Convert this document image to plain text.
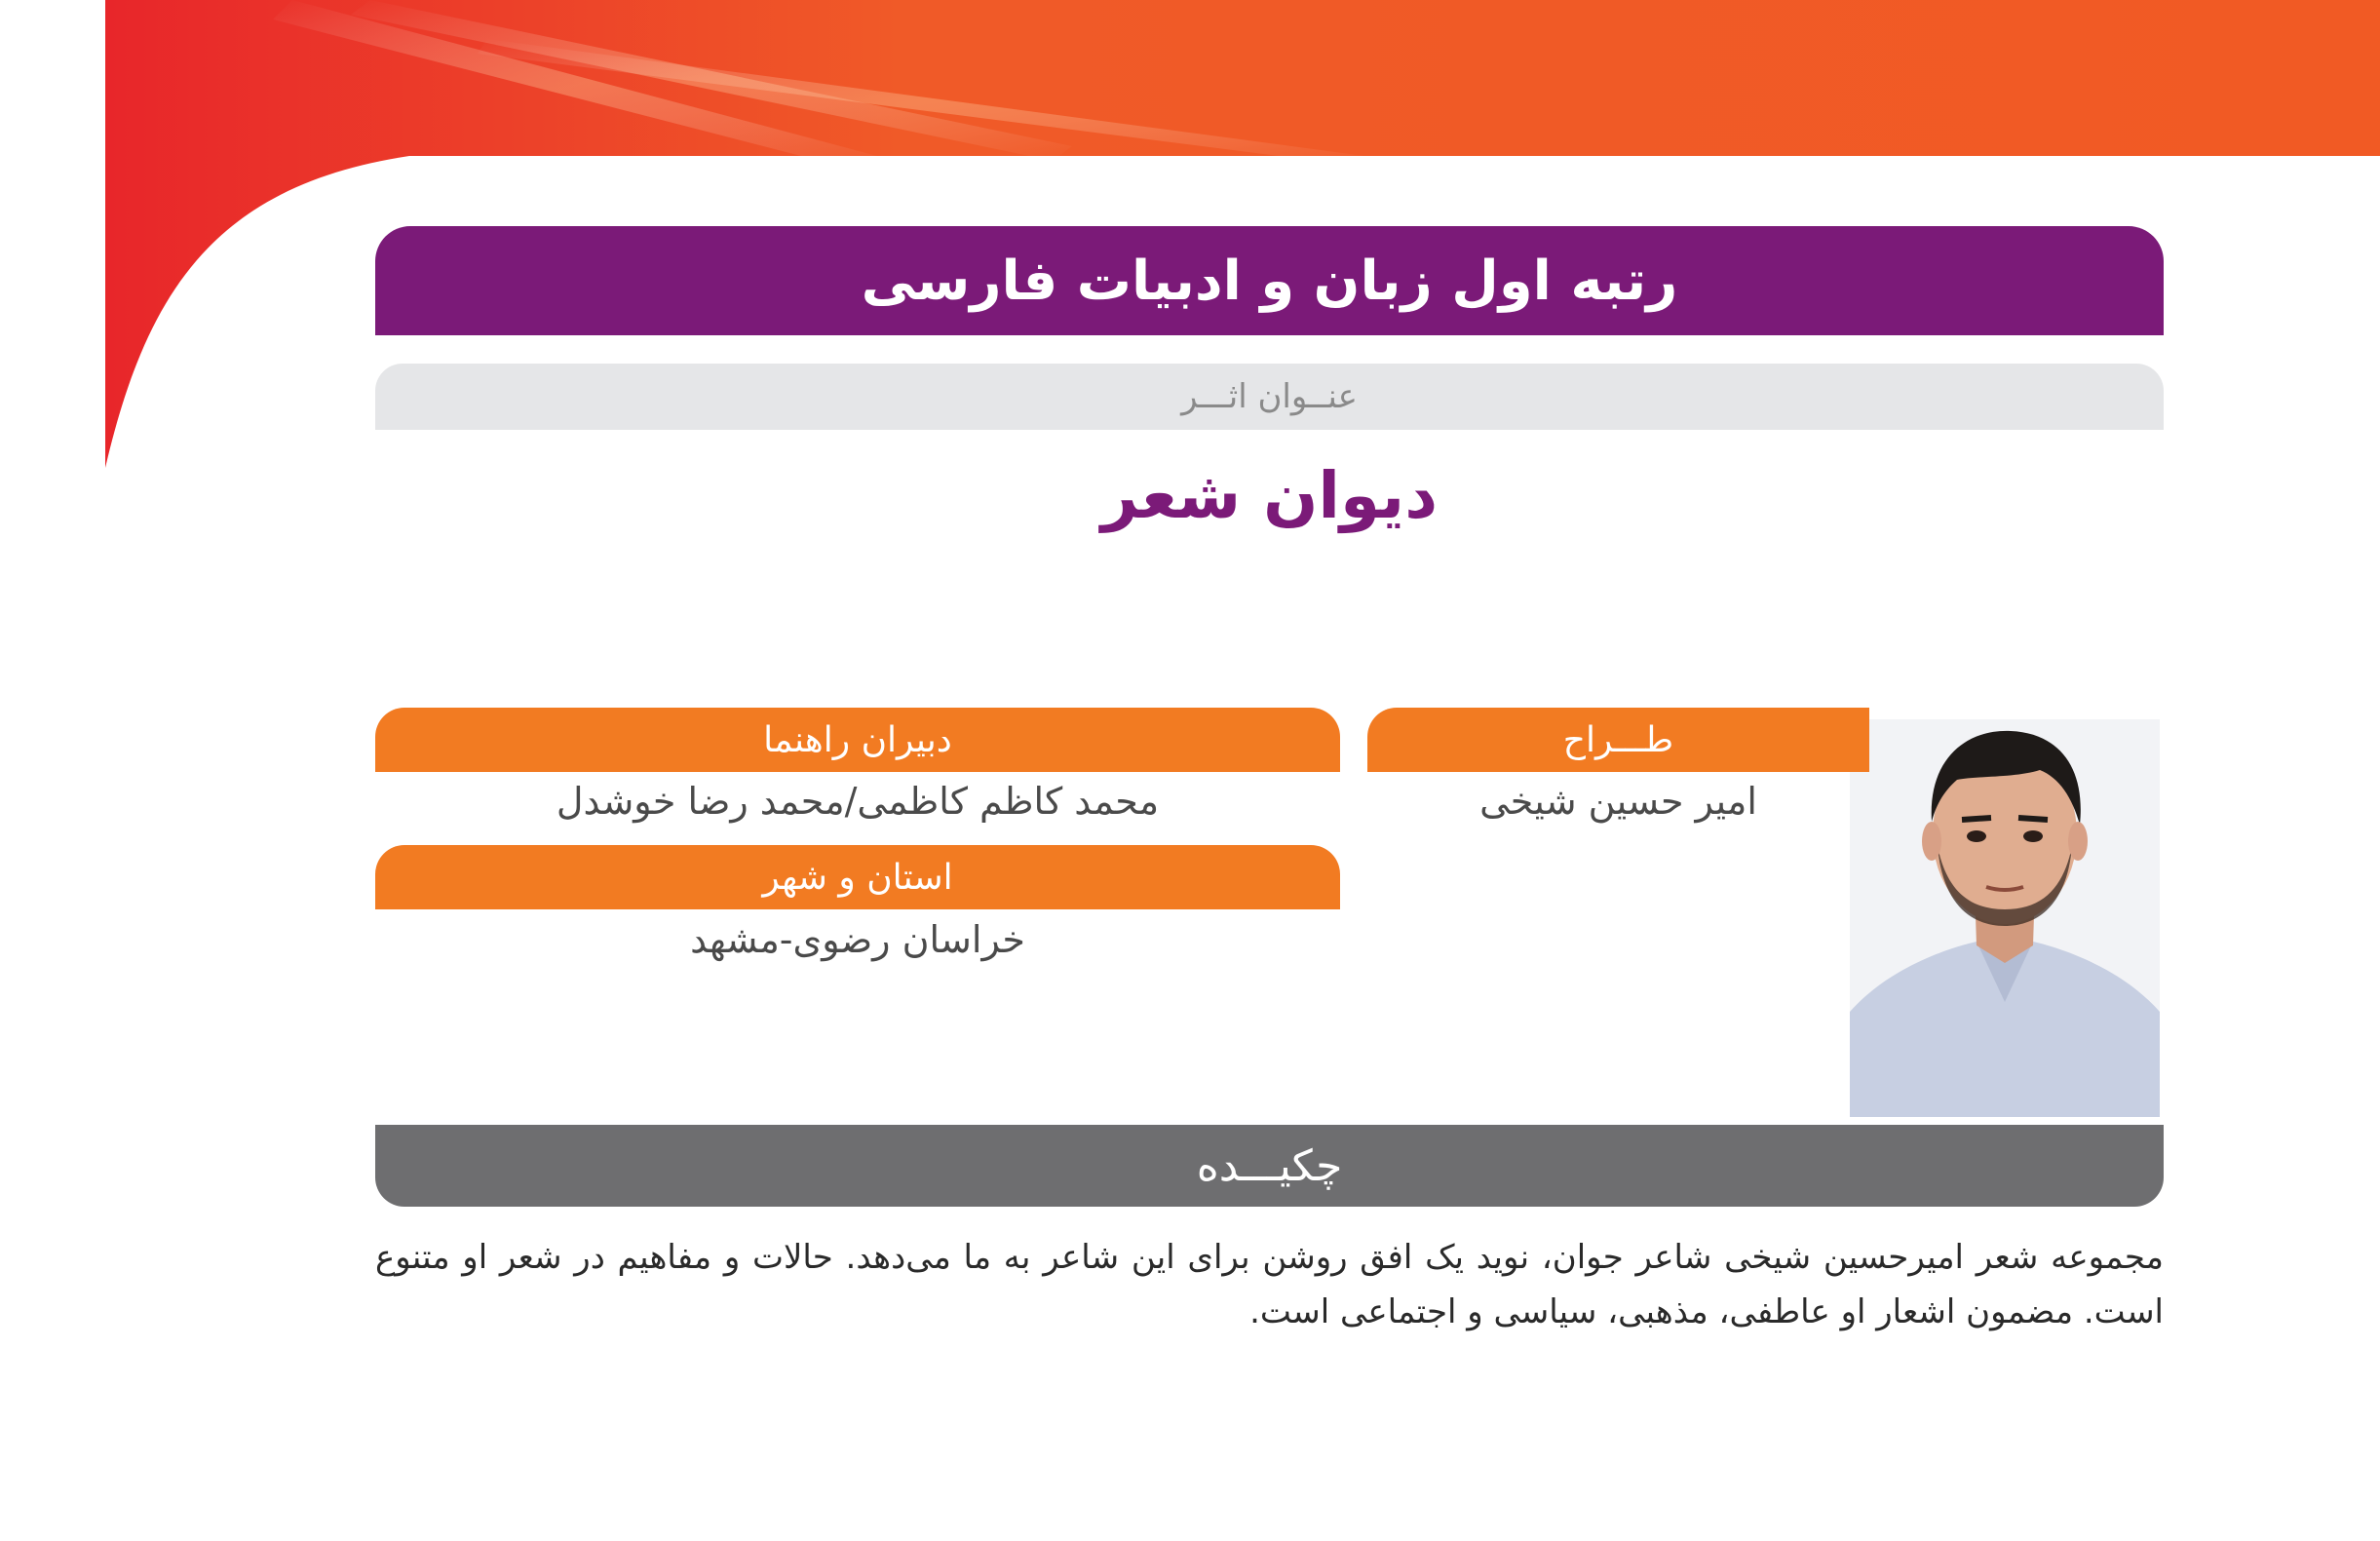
رتبه اول زبان و ادبیات فارسی
عنــوان اثـــر
دیوان شعر
طـــراح
امیر حسین شیخی
دبیران راهنما
محمد کاظم کاظمی/محمد رضا خوشدل
استان و شهر
خراسان رضوی-مشهد
چکیـــده
مجموعه شعر امیرحسین شیخی شاعر جوان، نوید یک افق روشن برای این شاعر به ما می‌دهد. حالات و مفاهیم در شعر او متنوع است. مضمون اشعار او عاطفی، مذهبی، سیاسی و اجتماعی است.
